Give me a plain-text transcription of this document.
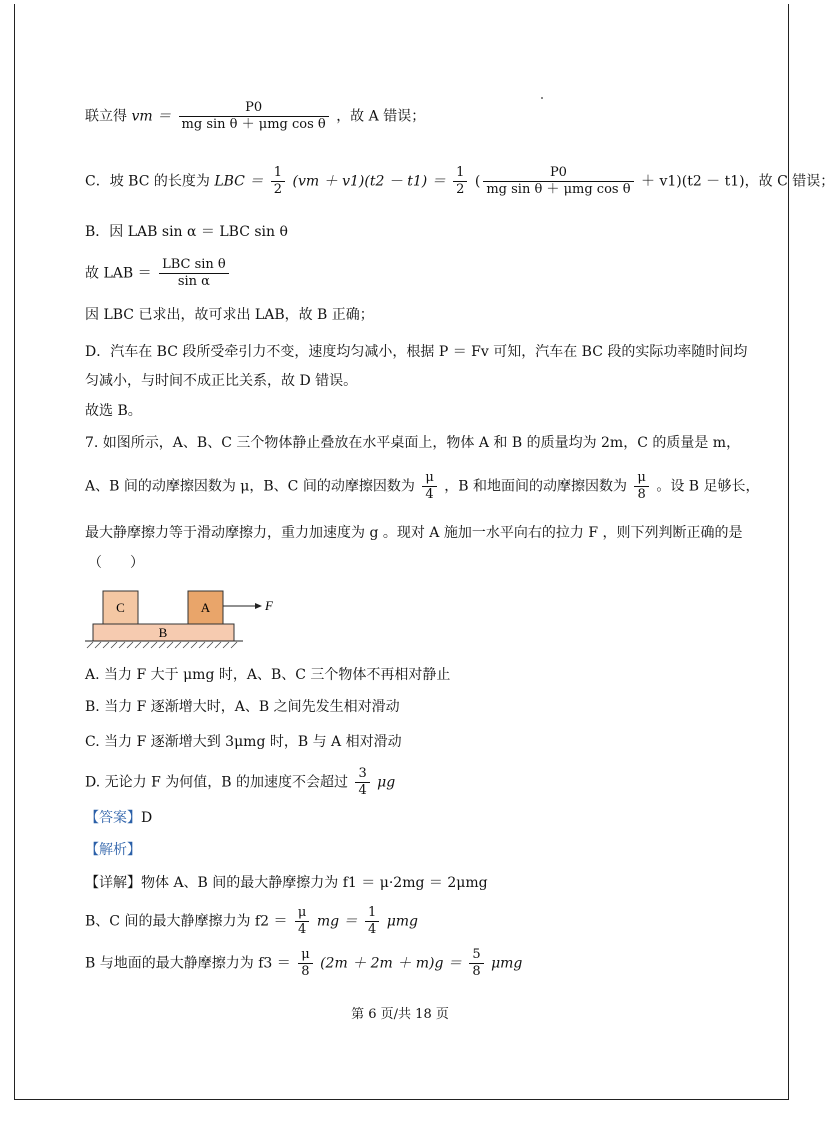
联立得 vm ＝ $\frac{P0}{\text{mg sin θ ＋ μmg cos θ}}$ ，故 A 错误；
C．坡 BC 的长度为 LBC ＝ $\frac{1}{2} (vm + v1)(t2 - t1) = \frac{1}{2}$ ( $\frac{P0}{\text{mg sin θ ＋ μmg cos θ}} + v1)(t2 - t1)$，故 C 错误；
B．因 LAB sin α ＝ LBC sin θ
故 LAB ＝ $\frac{\text{LBC sin θ}}{\text{sin α}}$
因 LBC 已求出，故可求出 LAB，故 B 正确；
D．汽车在 BC 段所受牵引力不变，速度均匀减小，根据 P ＝ Fv 可知，汽车在 BC 段的实际功率随时间均
匀减小，与时间不成正比关系，故 D 错误。
故选 B。
7. 如图所示，A、B、C 三个物体静止叠放在水平桌面上，物体 A 和 B 的质量均为 2m，C 的质量是 m，
A、B 间的动摩擦因数为 μ，B、C 间的动摩擦因数为 $\frac{\mu}{4}$ ，B 和地面间的动摩擦因数为 $\frac{\mu}{8}$ 。设 B 足够长，
最大静摩擦力等于滑动摩擦力，重力加速度为 g 。现对 A 施加一水平向右的拉力 F ，则下列判断正确的是
（　　）
C	A
B
F
A. 当力 F 大于 μmg 时，A、B、C 三个物体不再相对静止
B. 当力 F 逐渐增大时，A、B 之间先发生相对滑动
C. 当力 F 逐渐增大到 3μmg 时，B 与 A 相对滑动
D. 无论力 F 为何值，B 的加速度不会超过 $\frac{3}{4}$ μg
【答案】D
【解析】
【详解】物体 A、B 间的最大静摩擦力为 f1 ＝ μ·2mg ＝ 2μmg
B、C 间的最大静摩擦力为 $f2 = \frac{\mu}{4}$ mg ＝ $\frac{1}{4}$ μmg
B 与地面的最大静摩擦力为 $f3 = \frac{\mu}{8} (2m + 2m + m)g = \frac{5}{8}$ μmg
第 6 页/共 18 页
